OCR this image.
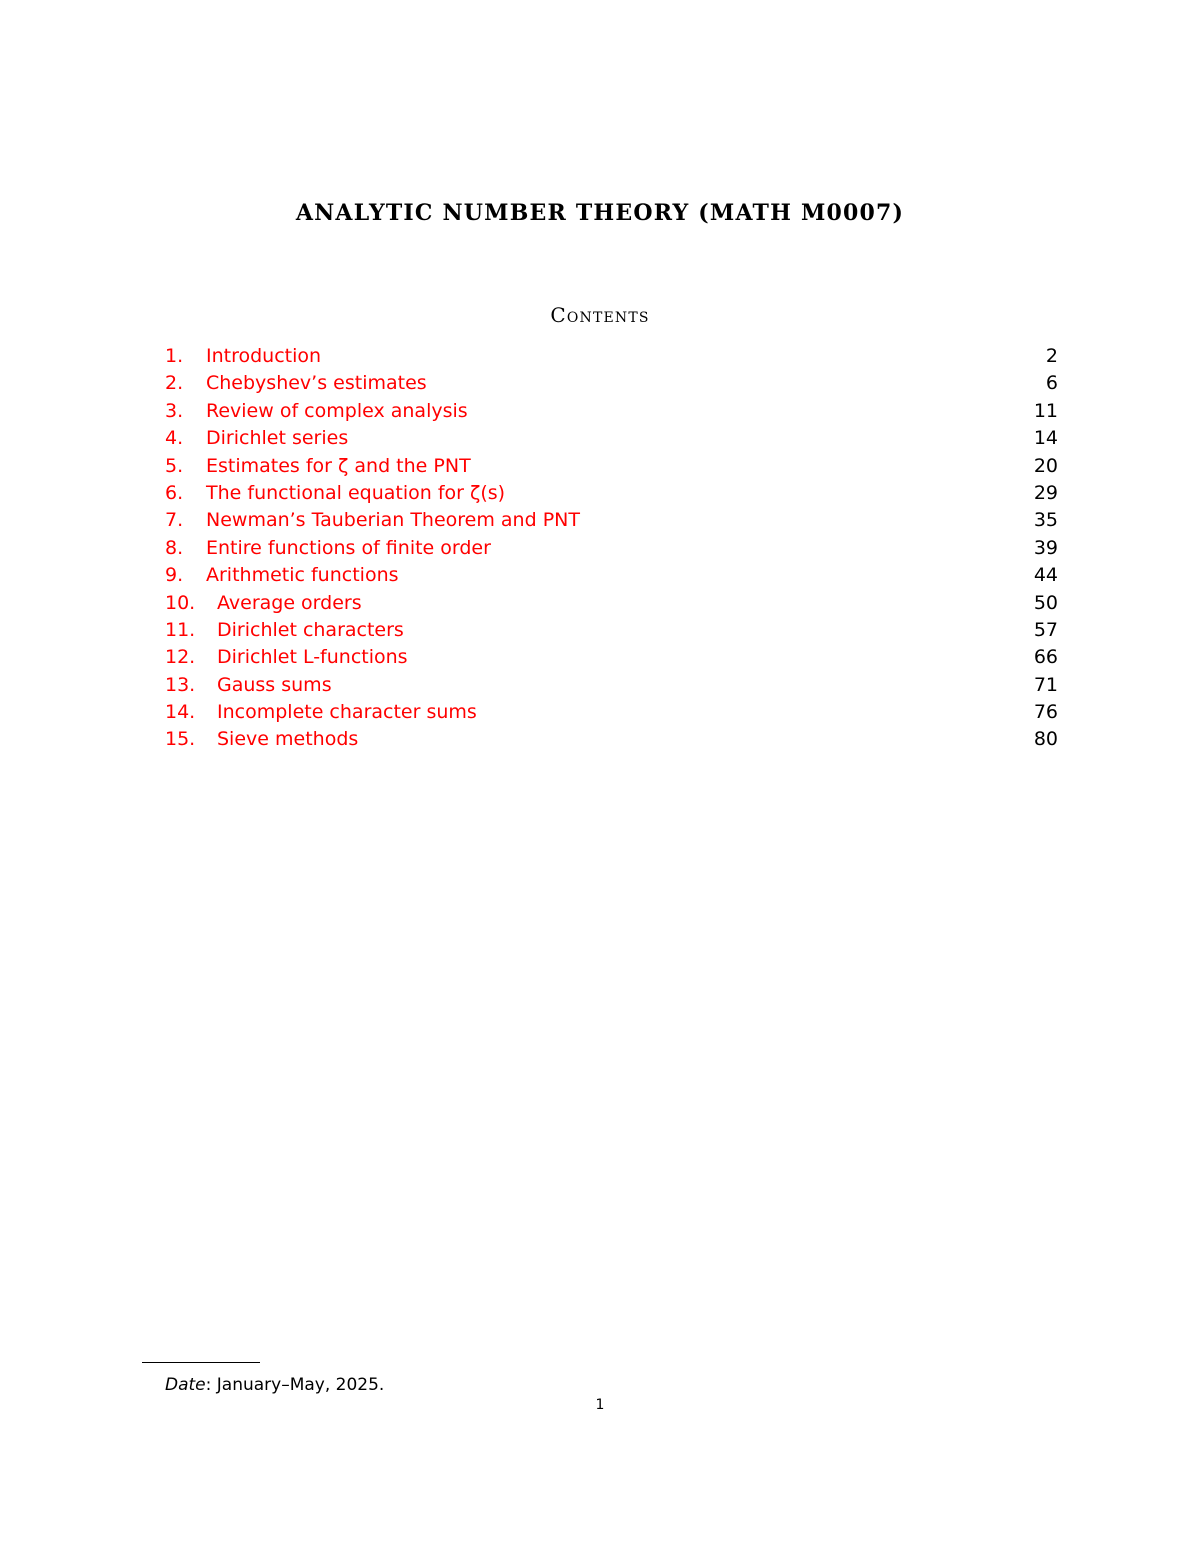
ANALYTIC NUMBER THEORY (MATH M0007)
Contents
1. Introduction	2
2. Chebyshev’s estimates	6
3. Review of complex analysis	11
4. Dirichlet series	14
5. Estimates for ζ and the PNT	20
6. The functional equation for ζ(s)	29
7. Newman’s Tauberian Theorem and PNT	35
8. Entire functions of finite order	39
9. Arithmetic functions	44
10. Average orders	50
11. Dirichlet characters	57
12. Dirichlet L-functions	66
13. Gauss sums	71
14. Incomplete character sums	76
15. Sieve methods	80
Date: January–May, 2025.
1
